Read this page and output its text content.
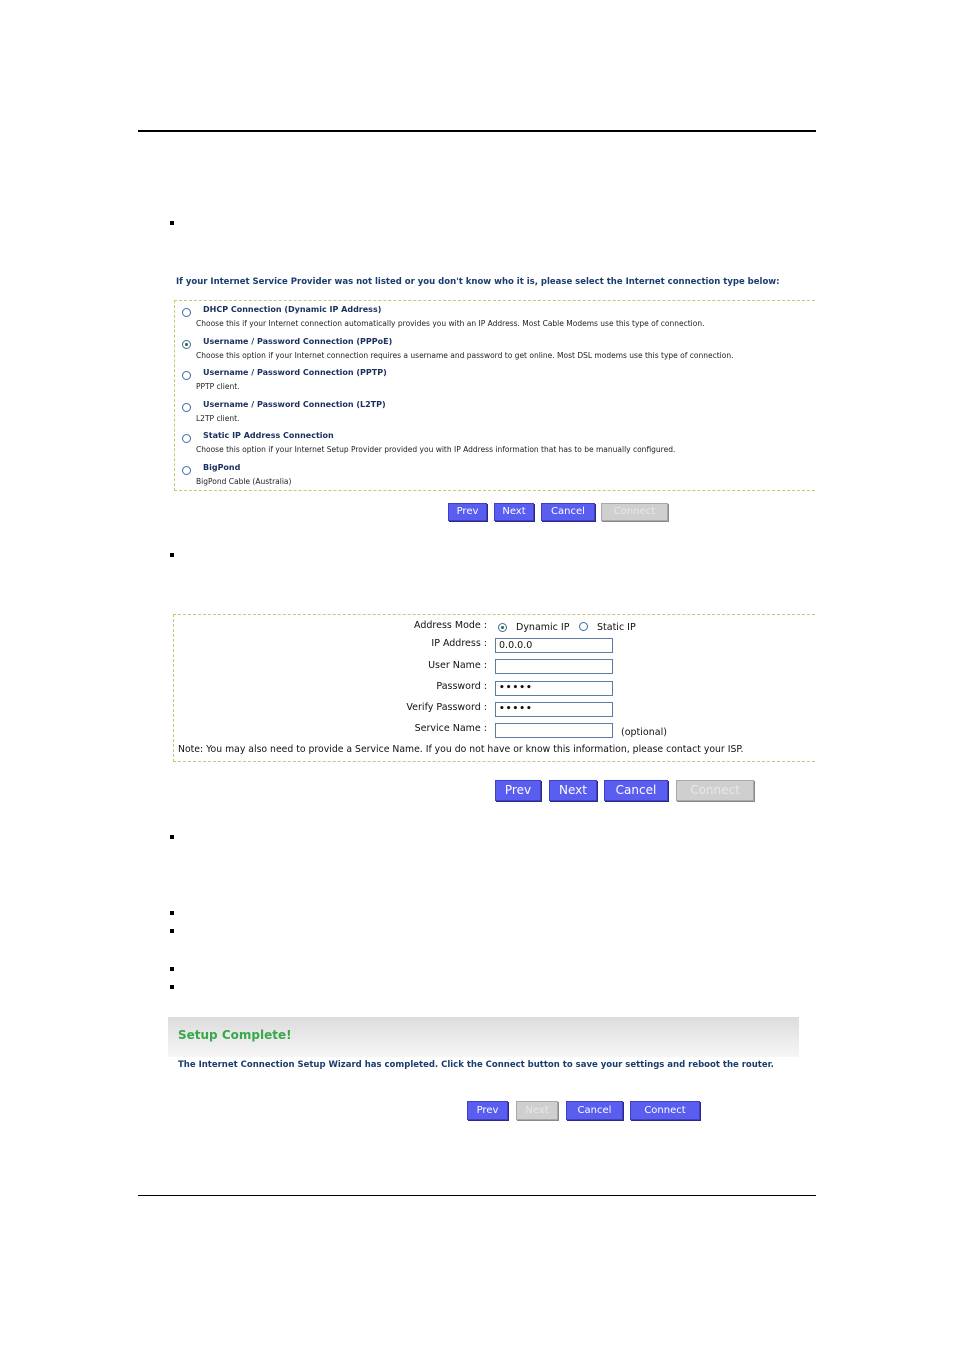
If your Internet Service Provider was not listed or you don't know who it is, please select the Internet connection type below:
DHCP Connection (Dynamic IP Address)
Choose this if your Internet connection automatically provides you with an IP Address. Most Cable Modems use this type of connection.
Username / Password Connection (PPPoE)
Choose this option if your Internet connection requires a username and password to get online. Most DSL modems use this type of connection.
Username / Password Connection (PPTP)
PPTP client.
Username / Password Connection (L2TP)
L2TP client.
Static IP Address Connection
Choose this option if your Internet Setup Provider provided you with IP Address information that has to be manually configured.
BigPond
BigPond Cable (Australia)
Prev	Next	Cancel	Connect
Address Mode :	Dynamic IP	Static IP
IP Address :	0.0.0.0
User Name :
Password :	•••••
Verify Password :	•••••
Service Name :	(optional)
Note: You may also need to provide a Service Name. If you do not have or know this information, please contact your ISP.
Prev	Next	Cancel	Connect
Setup Complete!
The Internet Connection Setup Wizard has completed. Click the Connect button to save your settings and reboot the router.
Prev	Next	Cancel	Connect
